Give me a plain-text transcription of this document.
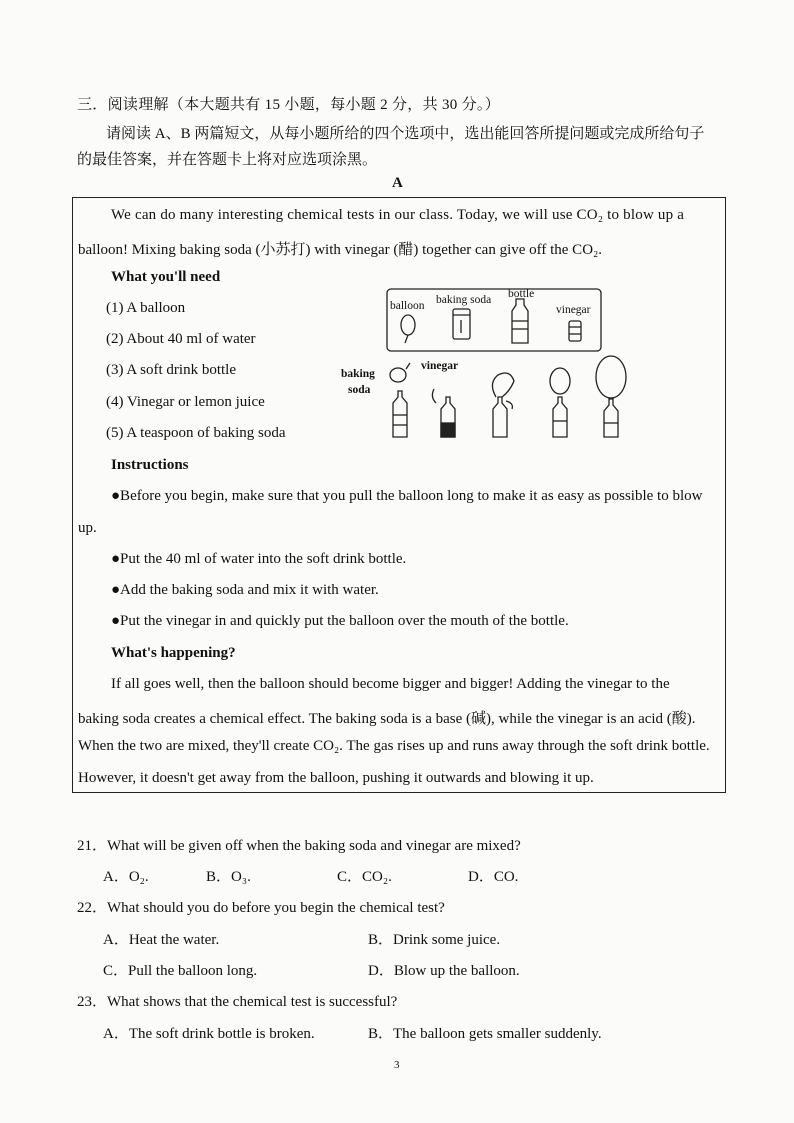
三．阅读理解（本大题共有 15 小题，每小题 2 分，共 30 分。）
请阅读 A、B 两篇短文，从每小题所给的四个选项中，选出能回答所提问题或完成所给句子
的最佳答案，并在答题卡上将对应选项涂黑。
A
We can do many interesting chemical tests in our class. Today, we will use CO₂ to blow up a
balloon! Mixing baking soda (小苏打) with vinegar (醋) together can give off the CO₂.
What you'll need
(1) A balloon
(2) About 40 ml of water
(3) A soft drink bottle
(4) Vinegar or lemon juice
(5) A teaspoon of baking soda
balloon baking soda bottle
vinegar
baking
soda
vinegar
Instructions
●Before you begin, make sure that you pull the balloon long to make it as easy as possible to blow
up.
●Put the 40 ml of water into the soft drink bottle.
●Add the baking soda and mix it with water.
●Put the vinegar in and quickly put the balloon over the mouth of the bottle.
What's happening?
If all goes well, then the balloon should become bigger and bigger! Adding the vinegar to the
baking soda creates a chemical effect. The baking soda is a base (碱), while the vinegar is an acid (酸).
When the two are mixed, they'll create CO₂. The gas rises up and runs away through the soft drink bottle.
However, it doesn't get away from the balloon, pushing it outwards and blowing it up.
21．What will be given off when the baking soda and vinegar are mixed?
A．O₂.	B．O₃.	C．CO₂.	D．CO.
22．What should you do before you begin the chemical test?
A．Heat the water.	B．Drink some juice.
C．Pull the balloon long.	D．Blow up the balloon.
23．What shows that the chemical test is successful?
A．The soft drink bottle is broken.	B．The balloon gets smaller suddenly.
3
